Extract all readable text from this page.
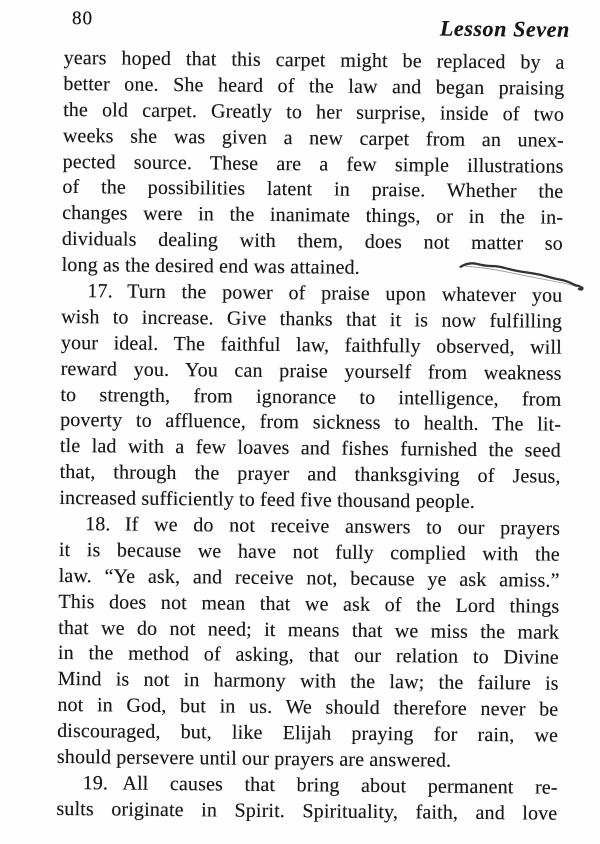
80	Lesson Seven
years hoped that this carpet might be replaced by a
better one. She heard of the law and began praising
the old carpet. Greatly to her surprise, inside of two
weeks she was given a new carpet from an unex-
pected source. These are a few simple illustrations
of the possibilities latent in praise. Whether the
changes were in the inanimate things, or in the in-
dividuals dealing with them, does not matter so
long as the desired end was attained.
17.  Turn the power of praise upon whatever you
wish to increase. Give thanks that it is now fulfilling
your ideal. The faithful law, faithfully observed, will
reward you. You can praise yourself from weakness
to strength, from ignorance to intelligence, from
poverty to affluence, from sickness to health. The lit-
tle lad with a few loaves and fishes furnished the seed
that, through the prayer and thanksgiving of Jesus,
increased sufficiently to feed five thousand people.
18.  If we do not receive answers to our prayers
it is because we have not fully complied with the
law. “Ye ask, and receive not, because ye ask amiss.”
This does not mean that we ask of the Lord things
that we do not need; it means that we miss the mark
in the method of asking, that our relation to Divine
Mind is not in harmony with the law; the failure is
not in God, but in us. We should therefore never be
discouraged, but, like Elijah praying for rain, we
should persevere until our prayers are answered.
19.  All causes that bring about permanent re-
sults originate in Spirit. Spirituality, faith, and love
